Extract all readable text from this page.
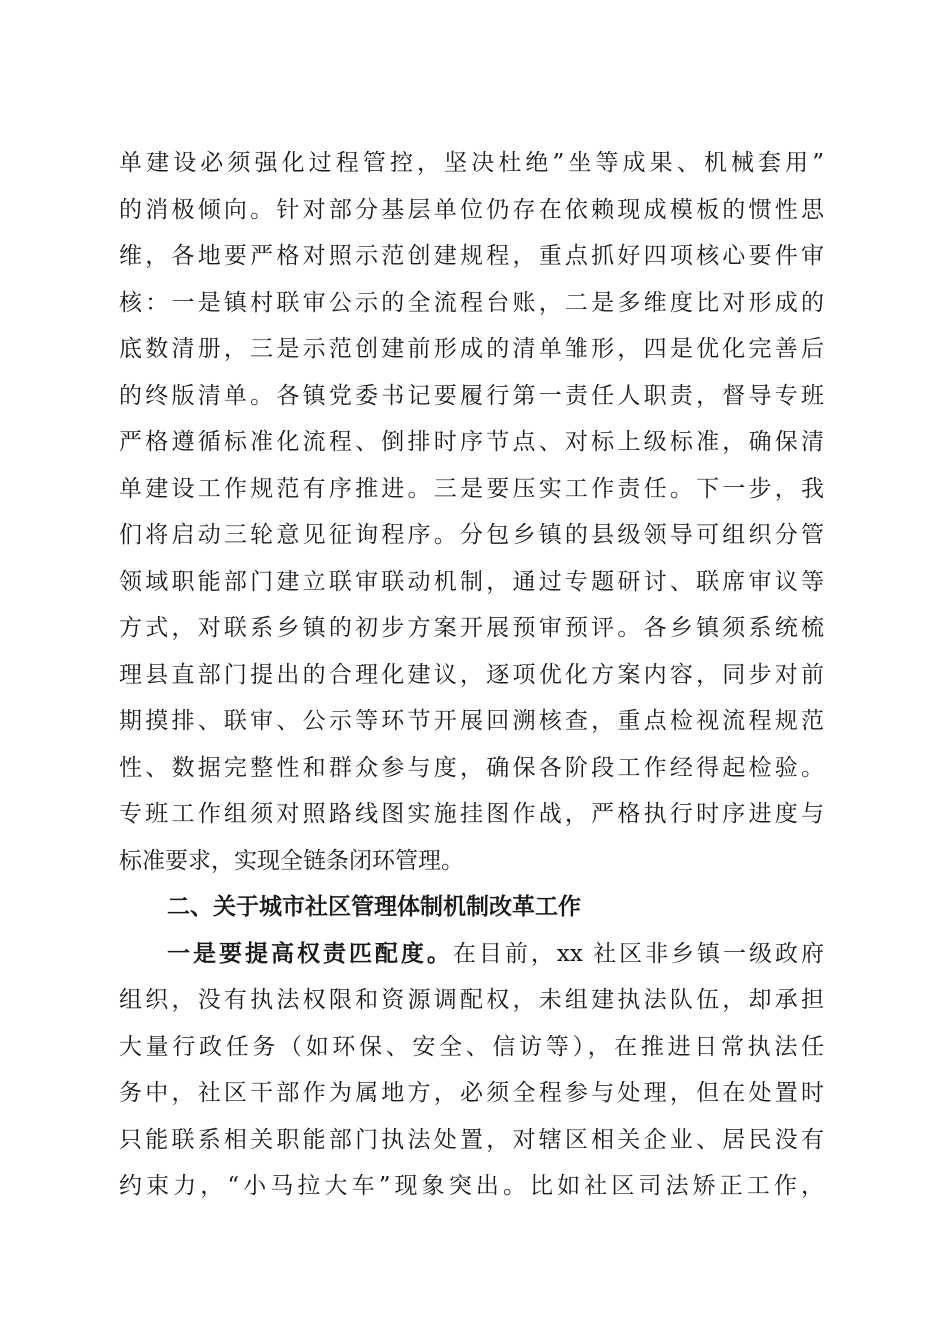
单建设必须强化过程管控，坚决杜绝”坐等成果、机械套用”
的消极倾向。针对部分基层单位仍存在依赖现成模板的惯性思
维，各地要严格对照示范创建规程，重点抓好四项核心要件审
核：一是镇村联审公示的全流程台账，二是多维度比对形成的
底数清册，三是示范创建前形成的清单雏形，四是优化完善后
的终版清单。各镇党委书记要履行第一责任人职责，督导专班
严格遵循标准化流程、倒排时序节点、对标上级标准，确保清
单建设工作规范有序推进。三是要压实工作责任。下一步，我
们将启动三轮意见征询程序。分包乡镇的县级领导可组织分管
领域职能部门建立联审联动机制，通过专题研讨、联席审议等
方式，对联系乡镇的初步方案开展预审预评。各乡镇须系统梳
理县直部门提出的合理化建议，逐项优化方案内容，同步对前
期摸排、联审、公示等环节开展回溯核查，重点检视流程规范
性、数据完整性和群众参与度，确保各阶段工作经得起检验。
专班工作组须对照路线图实施挂图作战，严格执行时序进度与
标准要求，实现全链条闭环管理。
二、关于城市社区管理体制机制改革工作
一是要提高权责匹配度。在目前，xx 社区非乡镇一级政府
组织，没有执法权限和资源调配权，未组建执法队伍，却承担
大量行政任务（如环保、安全、信访等），在推进日常执法任
务中，社区干部作为属地方，必须全程参与处理，但在处置时
只能联系相关职能部门执法处置，对辖区相关企业、居民没有
约束力，“小马拉大车”现象突出。比如社区司法矫正工作，
